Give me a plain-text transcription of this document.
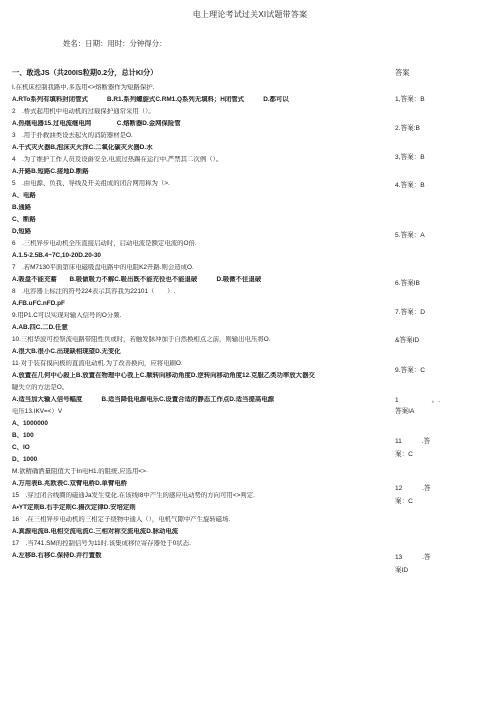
电上理论考试过关XI试题带答案
姓名：日期：用时：分钟得分：
一、敢选JS（共200IS粒期0.2分，总计KI分）	答案
I.在机床控制我路中,多选用<>熔断器作为短路保护.
A.RTo系列有填料封闭管式　　　B.R1.系列螺旋式C.RM1.Q系列无填料；H闭管式　　　D.都可以
2　.桥式起用机中电动机的过载保护通常采用（）。
A.热继电器15.过电流继电网　　　　C.熔断器D.金网保险管
3　.用于扑救油类设去起火的消防器材是O.
A.干式灭火器B,泡沫灭火洋C.二氧化碳灭火器D.水
4　.为了维护工作人员及设爵安全,电流过热踢在运行中,严禁其二次例（）。
A.开路B.短路C.接地D.断路
5　.由电源、负我、导线及开关祖成的闭合网用称为（>.
A、电路
B.通路
C、断路
D,短路
6　.三机异步电动机全压直接启动时，启动电流是额定电流的O倍.
A.1.5-2.5B.4~7C,10-20D.20-30
7　.若M7130平面第床电磁吸盘电路中的电阻K2开路.则会造成O.
A.吸盘不能充蓄　　B.吸做吸力不解C.吸出既不能充役也不能退破　　　D.吸微不住退破
8　.电容器上标注的符号224表示其容我为22101（　　）.
A.FB.uFC.nFD.pF
9.用P1.C可以实现对输入信号的O分频.
A.AB.四C.二D.任意
10.三相华波可控祭流电路带阻性负或时，若触发脉冲加于自然换相点之前，则输出电压将O.
A.很大B.很小C.出现缺相现望D.无变化
11·对于装有摸向极的直流电动机.为了改善换向，应将电刷O.
A.放置在几何中心殺上B.放置在物理中心我上C.顺转向移动角度D.逆转向移动角度12.克服乙类功率放大器交
睫失立的方法是O。
A.适当加大输入信号幅度　　　B.适当降低电源电乐C.设置合适的静态工作点D.适当提高电源
电压13.IKV=<）V
A、1000000
B、100
C、IO
D、1000
M.欲精确洒量阻值大于In电H1.的阻统,应选用<>·
A.万用表B.兆欧表C.双臂电桥D.单臂电桥
15　.穿过闭合线圈的磁通Ja发生变化.在该线I8中产生的感应电动势的方向可用<>判定.
A•YT定则B.右手定则C.揚次定律D.安培定则
16　.在三相异步电动机的三相定子绕物中通入（），电机气隙中产生旋转磁场.
A.真源电流B.电相交流电流C.三相对称交流电流D.脉动电流
17　.当741.SM的控制信号为11时.该集成移位寄存器处于0状态.
A.左移B.右移C.保持D.并行置数
1,答案：B
2.答案:B
3,答案：B
4.答案：B
5.答案：A
6.答案IB
7.答案：D
&答案ID
9.答案：C
1　　　　　。.
答案IA
11　　　.答
案：C
12　　　.答
案：C
13　　　.答
案ID
